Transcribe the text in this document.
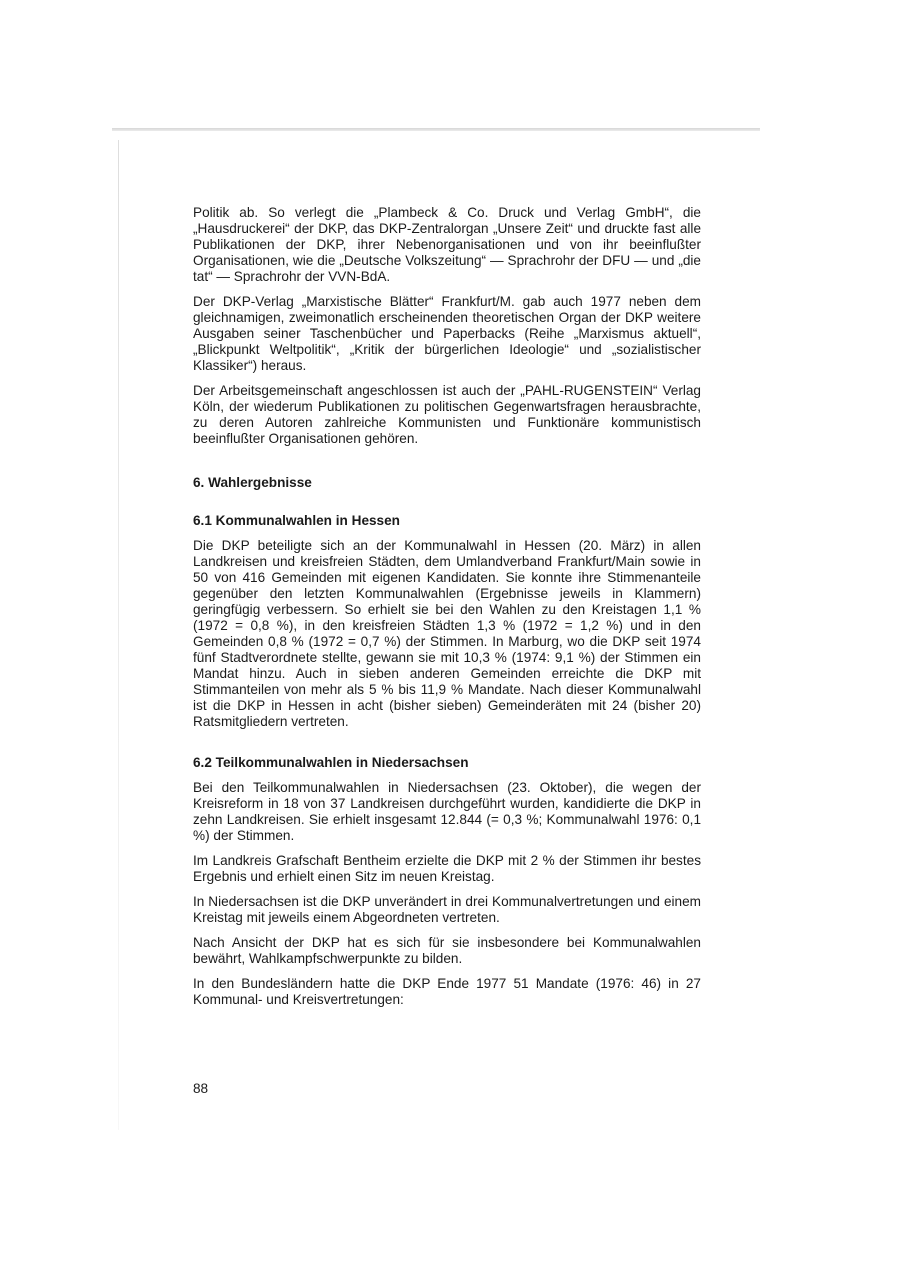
Politik ab. So verlegt die „Plambeck & Co. Druck und Verlag GmbH“, die „Hausdruckerei“ der DKP, das DKP-Zentralorgan „Unsere Zeit“ und druckte fast alle Publikationen der DKP, ihrer Nebenorganisationen und von ihr beeinflußter Organisationen, wie die „Deutsche Volkszeitung“ — Sprachrohr der DFU — und „die tat“ — Sprachrohr der VVN-BdA.

Der DKP-Verlag „Marxistische Blätter“ Frankfurt/M. gab auch 1977 neben dem gleichnamigen, zweimonatlich erscheinenden theoretischen Organ der DKP weitere Ausgaben seiner Taschenbücher und Paperbacks (Reihe „Marxismus aktuell“, „Blickpunkt Weltpolitik“, „Kritik der bürgerlichen Ideologie“ und „sozialistischer Klassiker“) heraus.

Der Arbeitsgemeinschaft angeschlossen ist auch der „PAHL-RUGENSTEIN“ Verlag Köln, der wiederum Publikationen zu politischen Gegenwartsfragen herausbrachte, zu deren Autoren zahlreiche Kommunisten und Funktionäre kommunistisch beeinflußter Organisationen gehören.

6. Wahlergebnisse
6.1 Kommunalwahlen in Hessen

Die DKP beteiligte sich an der Kommunalwahl in Hessen (20. März) in allen Landkreisen und kreisfreien Städten, dem Umlandverband Frankfurt/Main sowie in 50 von 416 Gemeinden mit eigenen Kandidaten. Sie konnte ihre Stimmenanteile gegenüber den letzten Kommunalwahlen (Ergebnisse jeweils in Klammern) geringfügig verbessern. So erhielt sie bei den Wahlen zu den Kreistagen 1,1 % (1972 = 0,8 %), in den kreisfreien Städten 1,3 % (1972 = 1,2 %) und in den Gemeinden 0,8 % (1972 = 0,7 %) der Stimmen. In Marburg, wo die DKP seit 1974 fünf Stadtverordnete stellte, gewann sie mit 10,3 % (1974: 9,1 %) der Stimmen ein Mandat hinzu. Auch in sieben anderen Gemeinden erreichte die DKP mit Stimmanteilen von mehr als 5 % bis 11,9 % Mandate. Nach dieser Kommunalwahl ist die DKP in Hessen in acht (bisher sieben) Gemeinderäten mit 24 (bisher 20) Ratsmitgliedern vertreten.

6.2 Teilkommunalwahlen in Niedersachsen

Bei den Teilkommunalwahlen in Niedersachsen (23. Oktober), die wegen der Kreisreform in 18 von 37 Landkreisen durchgeführt wurden, kandidierte die DKP in zehn Landkreisen. Sie erhielt insgesamt 12.844 (= 0,3 %; Kommunalwahl 1976: 0,1 %) der Stimmen.

Im Landkreis Grafschaft Bentheim erzielte die DKP mit 2 % der Stimmen ihr bestes Ergebnis und erhielt einen Sitz im neuen Kreistag.

In Niedersachsen ist die DKP unverändert in drei Kommunalvertretungen und einem Kreistag mit jeweils einem Abgeordneten vertreten.

Nach Ansicht der DKP hat es sich für sie insbesondere bei Kommunalwahlen bewährt, Wahlkampfschwerpunkte zu bilden.

In den Bundesländern hatte die DKP Ende 1977 51 Mandate (1976: 46) in 27 Kommunal- und Kreisvertretungen:

88
